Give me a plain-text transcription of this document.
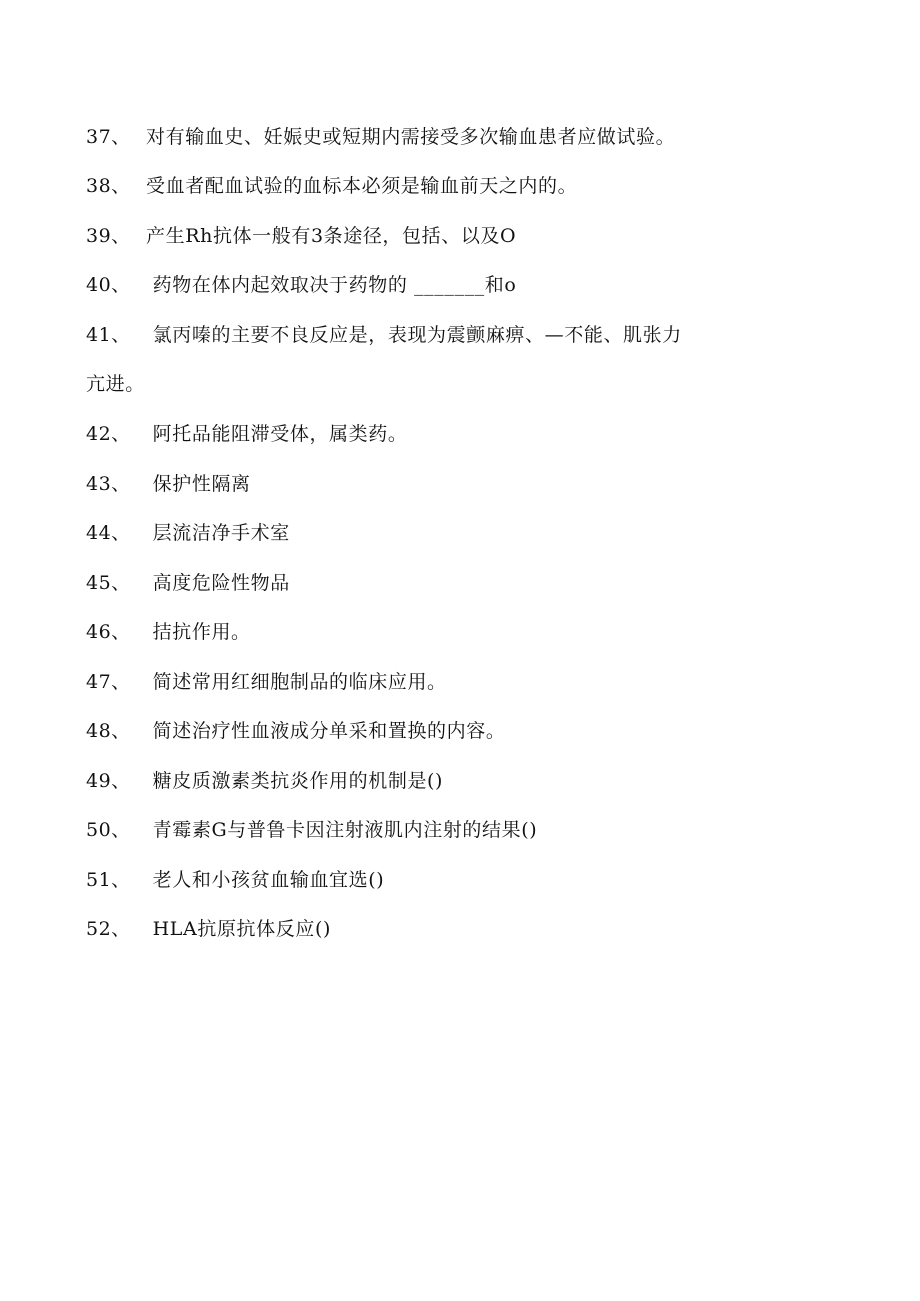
37、 对有输血史、妊娠史或短期内需接受多次输血患者应做试验。
38、 受血者配血试验的血标本必须是输血前天之内的。
39、 产生Rh抗体一般有3条途径，包括、以及O
40、 药物在体内起效取决于药物的 _______和o
41、 氯丙嗪的主要不良反应是，表现为震颤麻痹、—不能、肌张力
亢进。
42、 阿托品能阻滞受体，属类药。
43、 保护性隔离
44、 层流洁净手术室
45、 高度危险性物品
46、 拮抗作用。
47、 简述常用红细胞制品的临床应用。
48、 简述治疗性血液成分单采和置换的内容。
49、 糖皮质激素类抗炎作用的机制是()
50、 青霉素G与普鲁卡因注射液肌内注射的结果()
51、 老人和小孩贫血输血宜选()
52、 HLA抗原抗体反应()
